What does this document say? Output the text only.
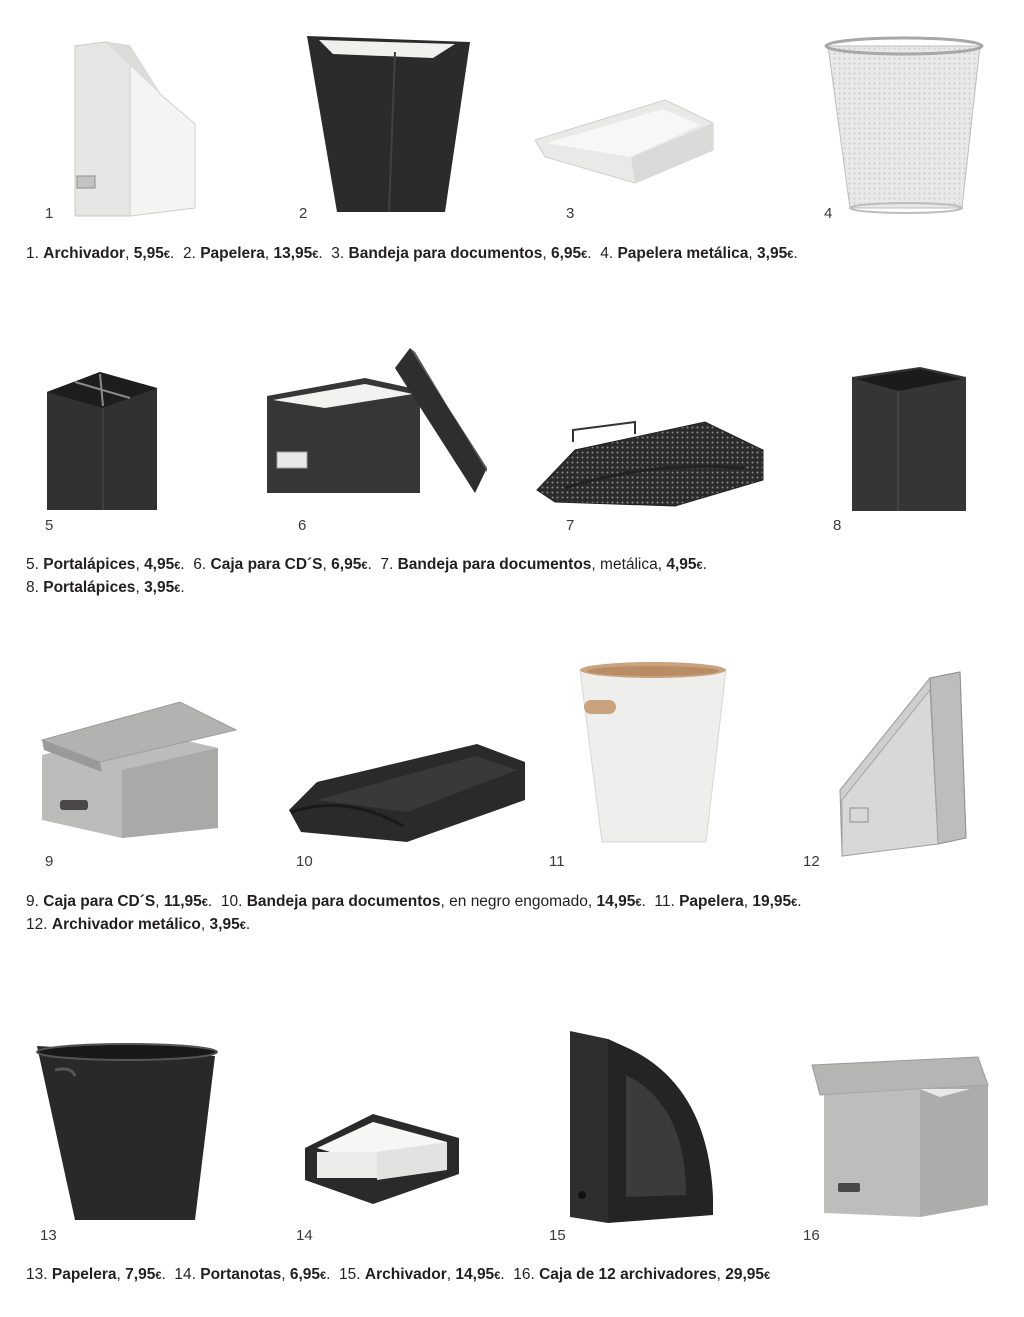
1	2	3	4
1. Archivador, 5,95€.  2. Papelera, 13,95€.  3. Bandeja para documentos, 6,95€.  4. Papelera metálica, 3,95€.
5	6	7	8
5. Portalápices, 4,95€.  6. Caja para CD´S, 6,95€.  7. Bandeja para documentos, metálica, 4,95€.
8. Portalápices, 3,95€.
9	10	11	12
9. Caja para CD´S, 11,95€.  10. Bandeja para documentos, en negro engomado, 14,95€.  11. Papelera, 19,95€.
12. Archivador metálico, 3,95€.
13	14	15	16
13. Papelera, 7,95€.  14. Portanotas, 6,95€.  15. Archivador, 14,95€.  16. Caja de 12 archivadores, 29,95€
